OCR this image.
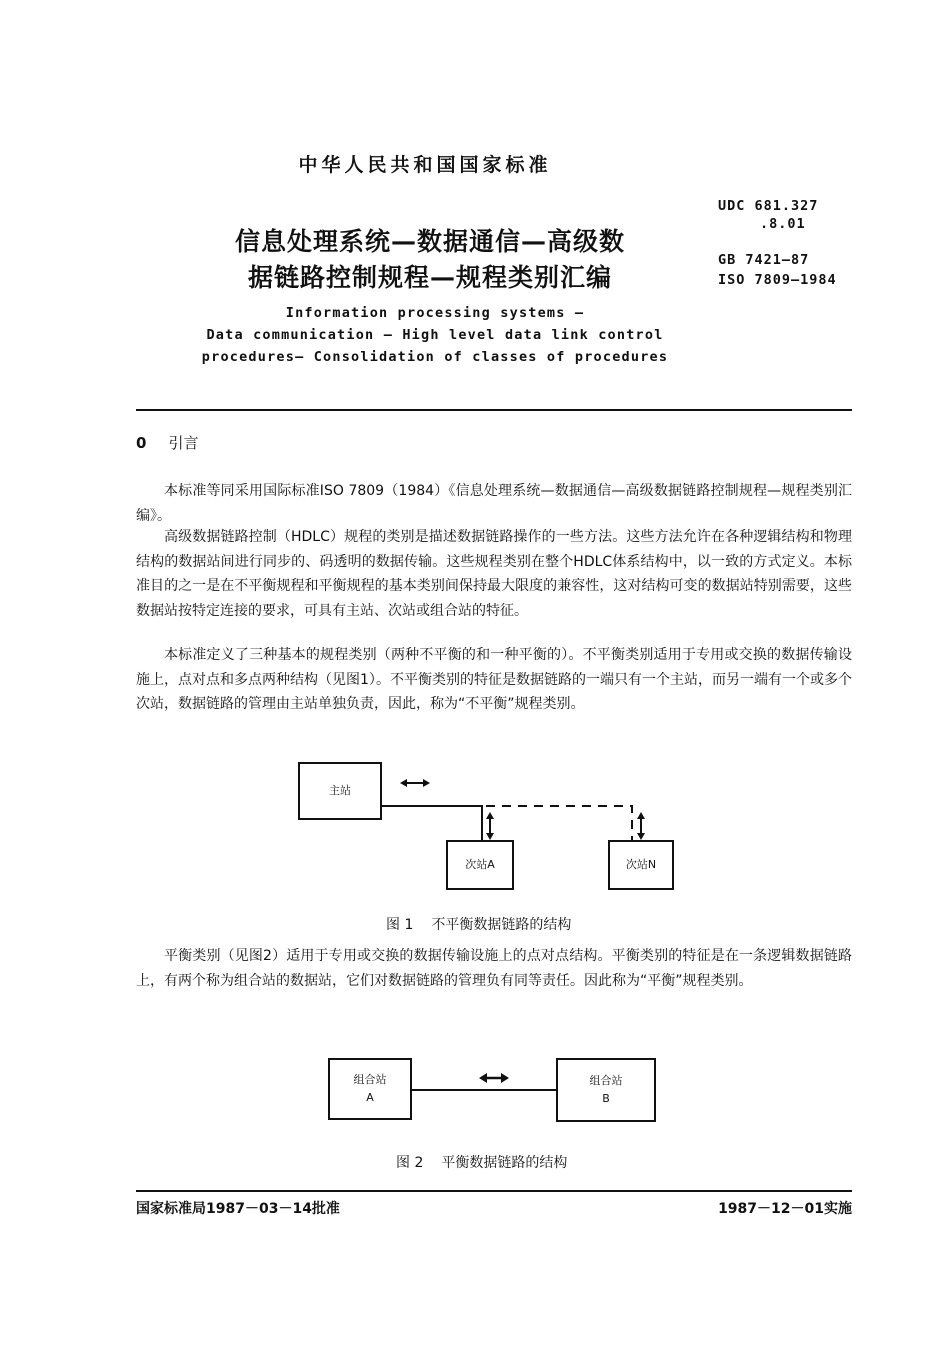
中华人民共和国国家标准
UDC 681.327
.8.01
GB 7421—87
ISO 7809—1984
信息处理系统—数据通信—高级数
据链路控制规程—规程类别汇编
Information processing systems —
Data communication — High level data link control
procedures— Consolidation of classes of procedures
0 引言
本标准等同采用国际标准ISO 7809（1984）《信息处理系统—数据通信—高级数据链路控制规程—规程类别汇编》。
高级数据链路控制（HDLC）规程的类别是描述数据链路操作的一些方法。这些方法允许在各种逻辑结构和物理结构的数据站间进行同步的、码透明的数据传输。这些规程类别在整个HDLC体系结构中，以一致的方式定义。本标准目的之一是在不平衡规程和平衡规程的基本类别间保持最大限度的兼容性，这对结构可变的数据站特别需要，这些数据站按特定连接的要求，可具有主站、次站或组合站的特征。
本标准定义了三种基本的规程类别（两种不平衡的和一种平衡的）。不平衡类别适用于专用或交换的数据传输设施上，点对点和多点两种结构（见图1）。不平衡类别的特征是数据链路的一端只有一个主站，而另一端有一个或多个次站，数据链路的管理由主站单独负责，因此，称为“不平衡”规程类别。
主站
次站A	次站N
图 1 不平衡数据链路的结构
平衡类别（见图2）适用于专用或交换的数据传输设施上的点对点结构。平衡类别的特征是在一条逻辑数据链路上，有两个称为组合站的数据站，它们对数据链路的管理负有同等责任。因此称为“平衡”规程类别。
组合站
A
组合站
B
图 2 平衡数据链路的结构
国家标准局1987－03－14批准	1987－12－01实施
